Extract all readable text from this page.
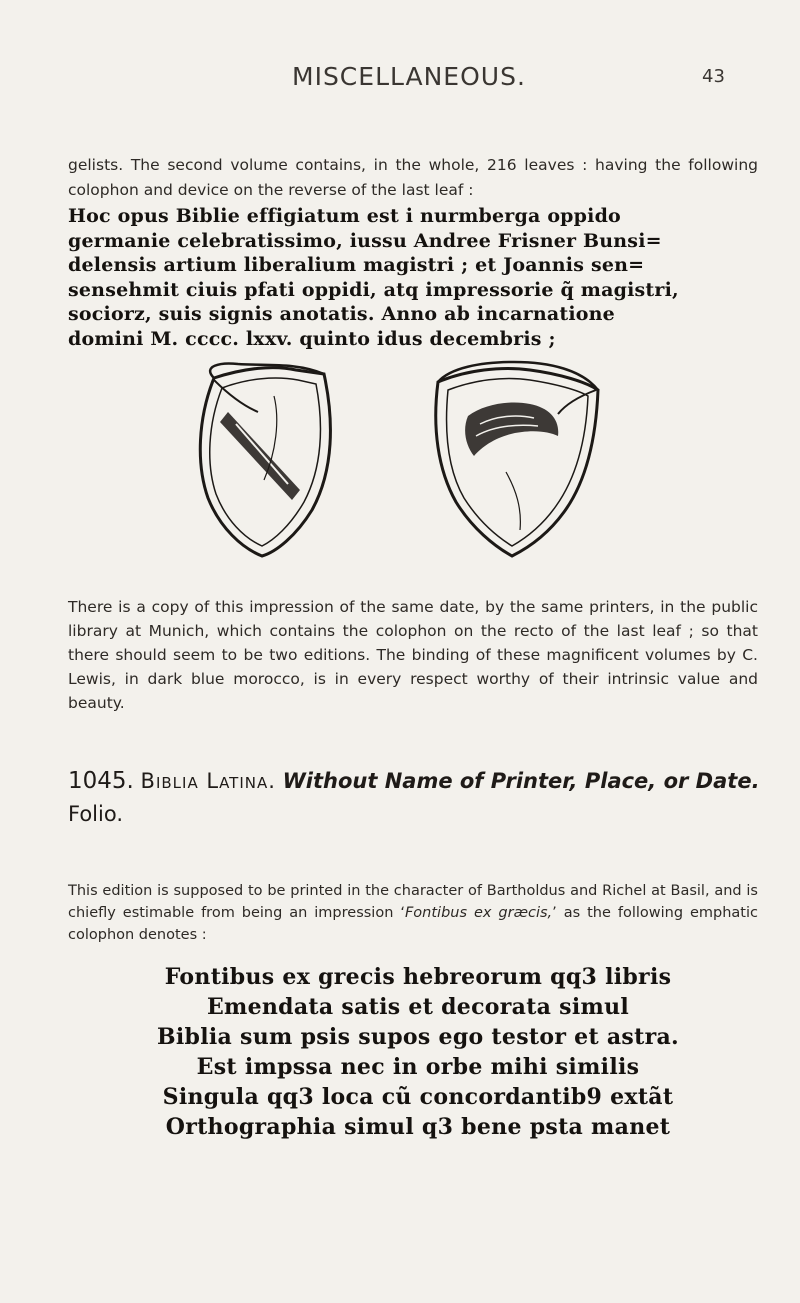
MISCELLANEOUS.	43
gelists. The second volume contains, in the whole, 216 leaves : having the following colophon and device on the reverse of the last leaf :
Hoc opus Biblie effigiatum est i nurmberga oppido
germanie celebratissimo, iussu Andree Frisner Bunsi=
delensis artium liberalium magistri ; et Joannis sen=
sensehmit ciuis pfati oppidi, atq impressorie q̃ magistri,
sociorz, suis signis anotatis. Anno ab incarnatione
domini M. cccc. lxxv. quinto idus decembris ;
There is a copy of this impression of the same date, by the same printers, in the public library at Munich, which contains the colophon on the recto of the last leaf ; so that there should seem to be two editions. The binding of these magnificent volumes by C. Lewis, in dark blue morocco, is in every respect worthy of their intrinsic value and beauty.
1045. Biblia Latina. Without Name of Printer, Place, or Date. Folio.
This edition is supposed to be printed in the character of Bartholdus and Richel at Basil, and is chiefly estimable from being an impression ‘Fontibus ex græcis,’ as the following emphatic colophon denotes :
Fontibus ex grecis hebreorum qq3 libris
Emendata satis et decorata simul
Biblia sum psis supos ego testor et astra.
Est impssa nec in orbe mihi similis
Singula qq3 loca cũ concordantib9 extãt
Orthographia simul q3 bene psta manet
